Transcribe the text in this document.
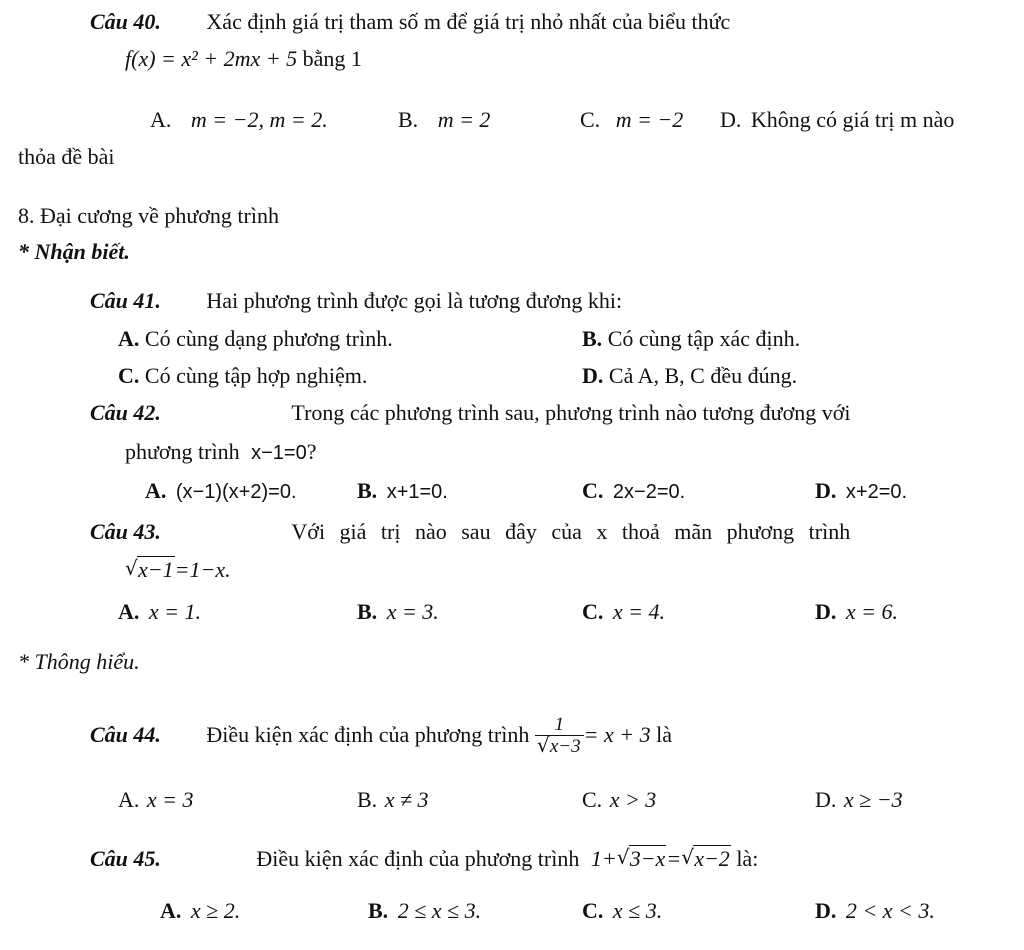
Câu 40. Xác định giá trị tham số m để giá trị nhỏ nhất của biểu thức
f(x) = x² + 2mx + 5 bằng 1
A. m = −2, m = 2.	B. m = 2	C. m = −2 D. Không có giá trị m nào
thỏa đề bài
8. Đại cương về phương trình
* Nhận biết.
Câu 41. Hai phương trình được gọi là tương đương khi:
A. Có cùng dạng phương trình.	B. Có cùng tập xác định.
C. Có cùng tập hợp nghiệm.	D. Cả A, B, C đều đúng.
Câu 42.	Trong các phương trình sau, phương trình nào tương đương với
phương trình x−1=0?
A. (x−1)(x+2)=0.	B. x+1=0.	C. 2x−2=0.	D. x+2=0.
Câu 43.	Với giá trị nào sau đây của x thoả mãn phương trình
√ x−1=1−x.
A. x = 1.	B. x = 3.	C. x = 4.	D. x = 6.
* Thông hiểu.
Câu 44. Điều kiện xác định của phương trình 1
√ x−3 = x + 3 là
A. x = 3	B. x ≠ 3	C. x > 3	D. x ≥ −3
Câu 45.	Điều kiện xác định của phương trình 1+ √ 3−x= √ x−2 là:
A. x ≥ 2.	B. 2 ≤ x ≤ 3.	C. x ≤ 3.	D. 2 < x < 3.
